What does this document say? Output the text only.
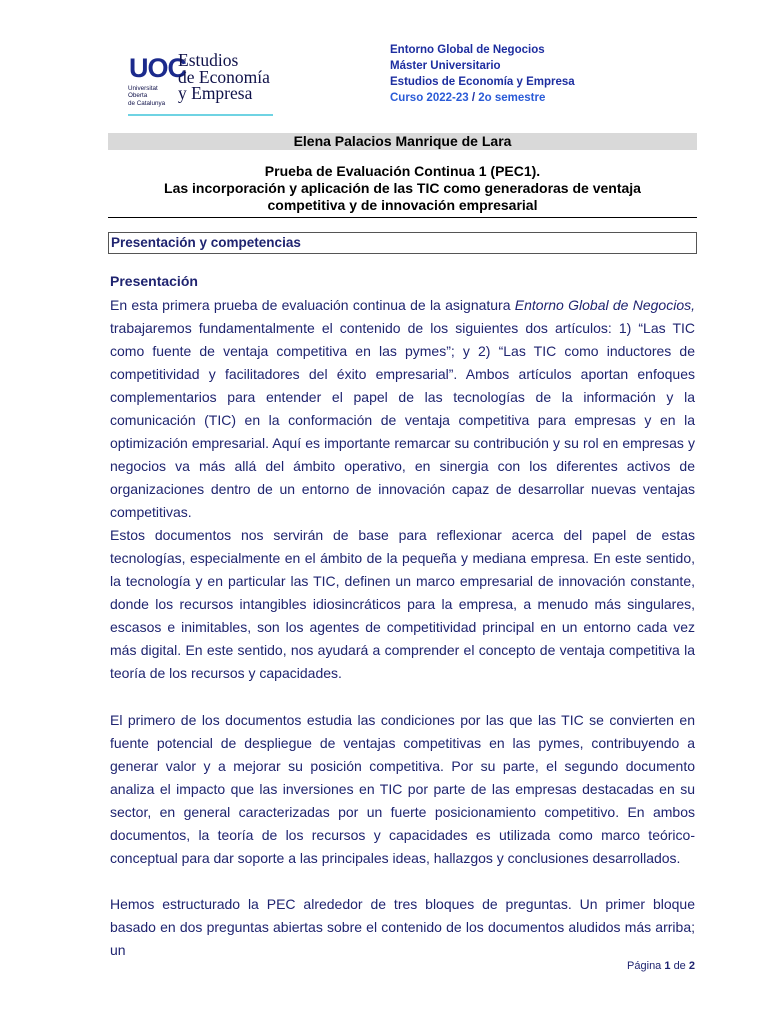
UOC
Universitat
Oberta
de Catalunya
Estudios
de Economía
y Empresa
Entorno Global de Negocios
Máster Universitario
Estudios de Economía y Empresa
Curso 2022-23 / 2o semestre
Elena Palacios Manrique de Lara
Prueba de Evaluación Continua 1 (PEC1).
Las incorporación y aplicación de las TIC como generadoras de ventaja
competitiva y de innovación empresarial
Presentación y competencias
Presentación
En esta primera prueba de evaluación continua de la asignatura Entorno Global de Negocios, trabajaremos fundamentalmente el contenido de los siguientes dos artículos: 1) “Las TIC como fuente de ventaja competitiva en las pymes”; y 2) “Las TIC como inductores de competitividad y facilitadores del éxito empresarial”. Ambos artículos aportan enfoques complementarios para entender el papel de las tecnologías de la información y la comunicación (TIC) en la conformación de ventaja competitiva para empresas y en la optimización empresarial. Aquí es importante remarcar su contribución y su rol en empresas y negocios va más allá del ámbito operativo, en sinergia con los diferentes activos de organizaciones dentro de un entorno de innovación capaz de desarrollar nuevas ventajas competitivas.
Estos documentos nos servirán de base para reflexionar acerca del papel de estas tecnologías, especialmente en el ámbito de la pequeña y mediana empresa. En este sentido, la tecnología y en particular las TIC, definen un marco empresarial de innovación constante, donde los recursos intangibles idiosincráticos para la empresa, a menudo más singulares, escasos e inimitables, son los agentes de competitividad principal en un entorno cada vez más digital. En este sentido, nos ayudará a comprender el concepto de ventaja competitiva la teoría de los recursos y capacidades.
El primero de los documentos estudia las condiciones por las que las TIC se convierten en fuente potencial de despliegue de ventajas competitivas en las pymes, contribuyendo a generar valor y a mejorar su posición competitiva. Por su parte, el segundo documento analiza el impacto que las inversiones en TIC por parte de las empresas destacadas en su sector, en general caracterizadas por un fuerte posicionamiento competitivo. En ambos documentos, la teoría de los recursos y capacidades es utilizada como marco teórico-conceptual para dar soporte a las principales ideas, hallazgos y conclusiones desarrollados.
Hemos estructurado la PEC alrededor de tres bloques de preguntas. Un primer bloque basado en dos preguntas abiertas sobre el contenido de los documentos aludidos más arriba; un
Página 1 de 2
